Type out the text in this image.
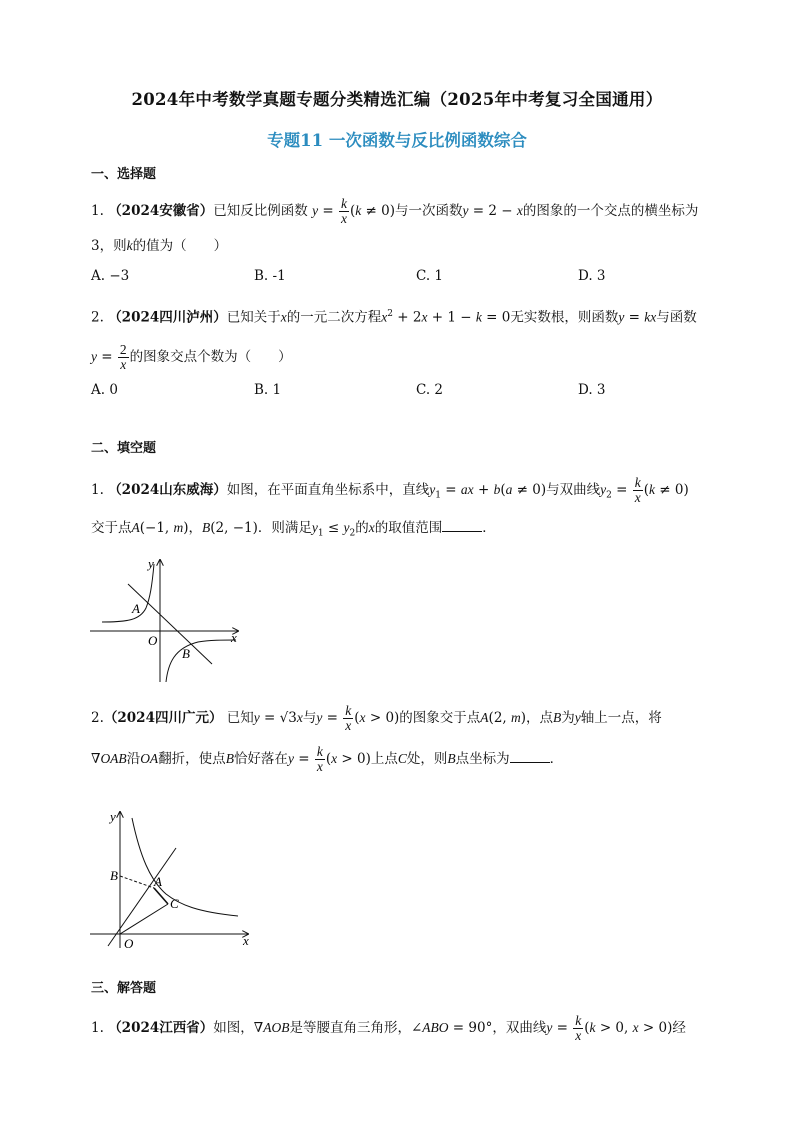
2024年中考数学真题专题分类精选汇编（2025年中考复习全国通用）
专题11 一次函数与反比例函数综合
一、选择题
1. （2024安徽省）已知反比例函数 $y = \frac{k}{x} (k \ne 0)$与一次函数y = 2 − x的图象的一个交点的横坐标为
3，则k的值为（　　）
A. −3	B. -1	C. 1	D. 3
2. （2024四川泸州）已知关于x的一元二次方程$x^2 + 2x + 1 - k = 0$无实数根，则函数y = kx与函数
$y = \frac{2}{x}$ 的图象交点个数为（　　）
A. 0	B. 1	C. 2	D. 3
二、填空题
1. （2024山东威海）如图，在平面直角坐标系中，直线$y_1$ = ax + b(a ≠ 0)与双曲线$y_2 = \frac{k}{x} (k \ne 0)$
交于点A(−1, m)，B(2, −1)．则满足$y_1 \le y_2$的x的取值范围	．
y
x
O
A
B
2.（2024四川广元） 已知y = √3x与$y = \frac{k}{x} (x > 0)$的图象交于点A(2, m)，点B为y轴上一点，将
∇OAB沿OA翻折，使点B恰好落在$y = \frac{k}{x} (x > 0)$上点C处，则B点坐标为	．
y
x
O
B	A
C
三、解答题
1. （2024江西省）如图，∇AOB是等腰直角三角形，∠ABO = 90°，双曲线$y = \frac{k}{x} (k > 0$, x > 0)经
